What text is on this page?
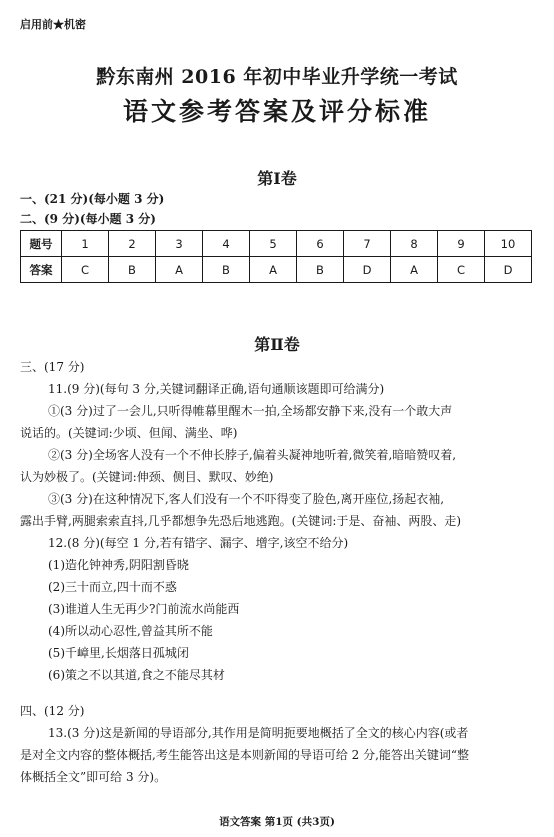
启用前★机密
黔东南州 2016 年初中毕业升学统一考试
语文参考答案及评分标准
第Ⅰ卷
一、(21 分)(每小题 3 分)
二、(9 分)(每小题 3 分)
题号	1	2	3	4	5	6	7	8	9	10
答案	C	B	A	B	A	B	D	A	C	D
第Ⅱ卷
三、(17 分)
11.(9 分)(每句 3 分,关键词翻译正确,语句通顺该题即可给满分)
①(3 分)过了一会儿,只听得帷幕里醒木一拍,全场都安静下来,没有一个敢大声
说话的。(关键词:少顷、但闻、满坐、哗)
②(3 分)全场客人没有一个不伸长脖子,偏着头凝神地听着,微笑着,暗暗赞叹着,
认为妙极了。(关键词:伸颈、侧目、默叹、妙绝)
③(3 分)在这种情况下,客人们没有一个不吓得变了脸色,离开座位,扬起衣袖,
露出手臂,两腿索索直抖,几乎都想争先恐后地逃跑。(关键词:于是、奋袖、两股、走)
12.(8 分)(每空 1 分,若有错字、漏字、增字,该空不给分)
(1)造化钟神秀,阴阳割昏晓
(2)三十而立,四十而不惑
(3)谁道人生无再少?门前流水尚能西
(4)所以动心忍性,曾益其所不能
(5)千嶂里,长烟落日孤城闭
(6)策之不以其道,食之不能尽其材
四、(12 分)
13.(3 分)这是新闻的导语部分,其作用是简明扼要地概括了全文的核心内容(或者
是对全文内容的整体概括,考生能答出这是本则新闻的导语可给 2 分,能答出关键词“整
体概括全文”即可给 3 分)。
语文答案 第1页 (共3页)
